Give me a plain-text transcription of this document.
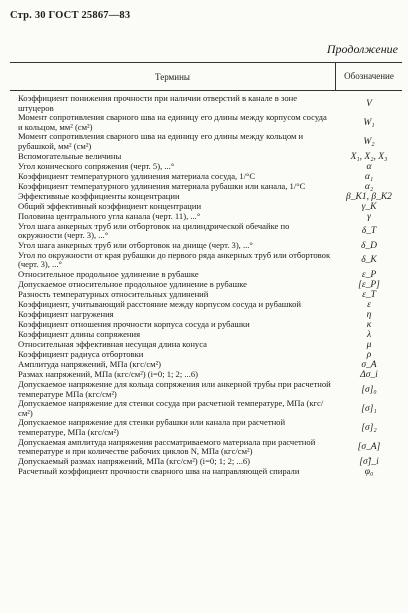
Стр. 30 ГОСТ 25867—83
Продолжение
Термины	Обозначение
Коэффициент понижения прочности при наличии отверстий в канале в зоне штуцеров	V
Момент сопротивления сварного шва на единицу его длины между корпусом сосуда и кольцом, мм² (см²)	W₁
Момент сопротивления сварного шва на единицу его длины между кольцом и рубашкой, мм² (см²)	W₂
Вспомогательные величины	X₁, X₂, X₃
Угол конического сопряжения (черт. 5), ...°	α
Коэффициент температурного удлинения материала сосуда, 1/°C	α₁
Коэффициент температурного удлинения материала рубашки или канала, 1/°C	α₂
Эффективные коэффициенты концентрации	β_K1, β_K2
Общий эффективный коэффициент концентрации	γ_K
Половина центрального угла канала (черт. 11), ...°	γ
Угол шага анкерных труб или отбортовок на цилиндрической обечайке по окружности (черт. 3), ...°	δ_T
Угол шага анкерных труб или отбортовок на днище (черт. 3), ...°	δ_D
Угол по окружности от края рубашки до первого ряда анкерных труб или отбортовок (черт. 3), ...°	δ_K
Относительное продольное удлинение в рубашке	ε_P
Допускаемое относительное продольное удлинение в рубашке	[ε_P]
Разность температурных относительных удлинений	ε_T
Коэффициент, учитывающий расстояние между корпусом сосуда и рубашкой	ε
Коэффициент нагружения	η
Коэффициент отношения прочности корпуса сосуда и рубашки	κ
Коэффициент длины сопряжения	λ
Относительная эффективная несущая длина конуса	μ
Коэффициент радиуса отбортовки	ρ
Амплитуда напряжений, МПа (кгс/см²)	σ_A
Размах напряжений, МПа (кгс/см²) (i=0; 1; 2; ...6)	Δσ_i
Допускаемое напряжение для кольца сопряжения или анкерной трубы при расчетной температуре МПа (кгс/см²)	[σ]₀
Допускаемое напряжение для стенки сосуда при расчетной температуре, МПа (кгс/см²)	[σ]₁
Допускаемое напряжение для стенки рубашки или канала при расчетной температуре, МПа (кгс/см²)	[σ]₂
Допускаемая амплитуда напряжения рассматриваемого материала при расчетной температуре и при количестве рабочих циклов N, МПа (кгс/см²)	[σ_A]
Допускаемый размах напряжений, МПа (кгс/см²) (i=0; 1; 2; ...6)	[σ̂]_i
Расчетный коэффициент прочности сварного шва на направляющей спирали	φ₀
